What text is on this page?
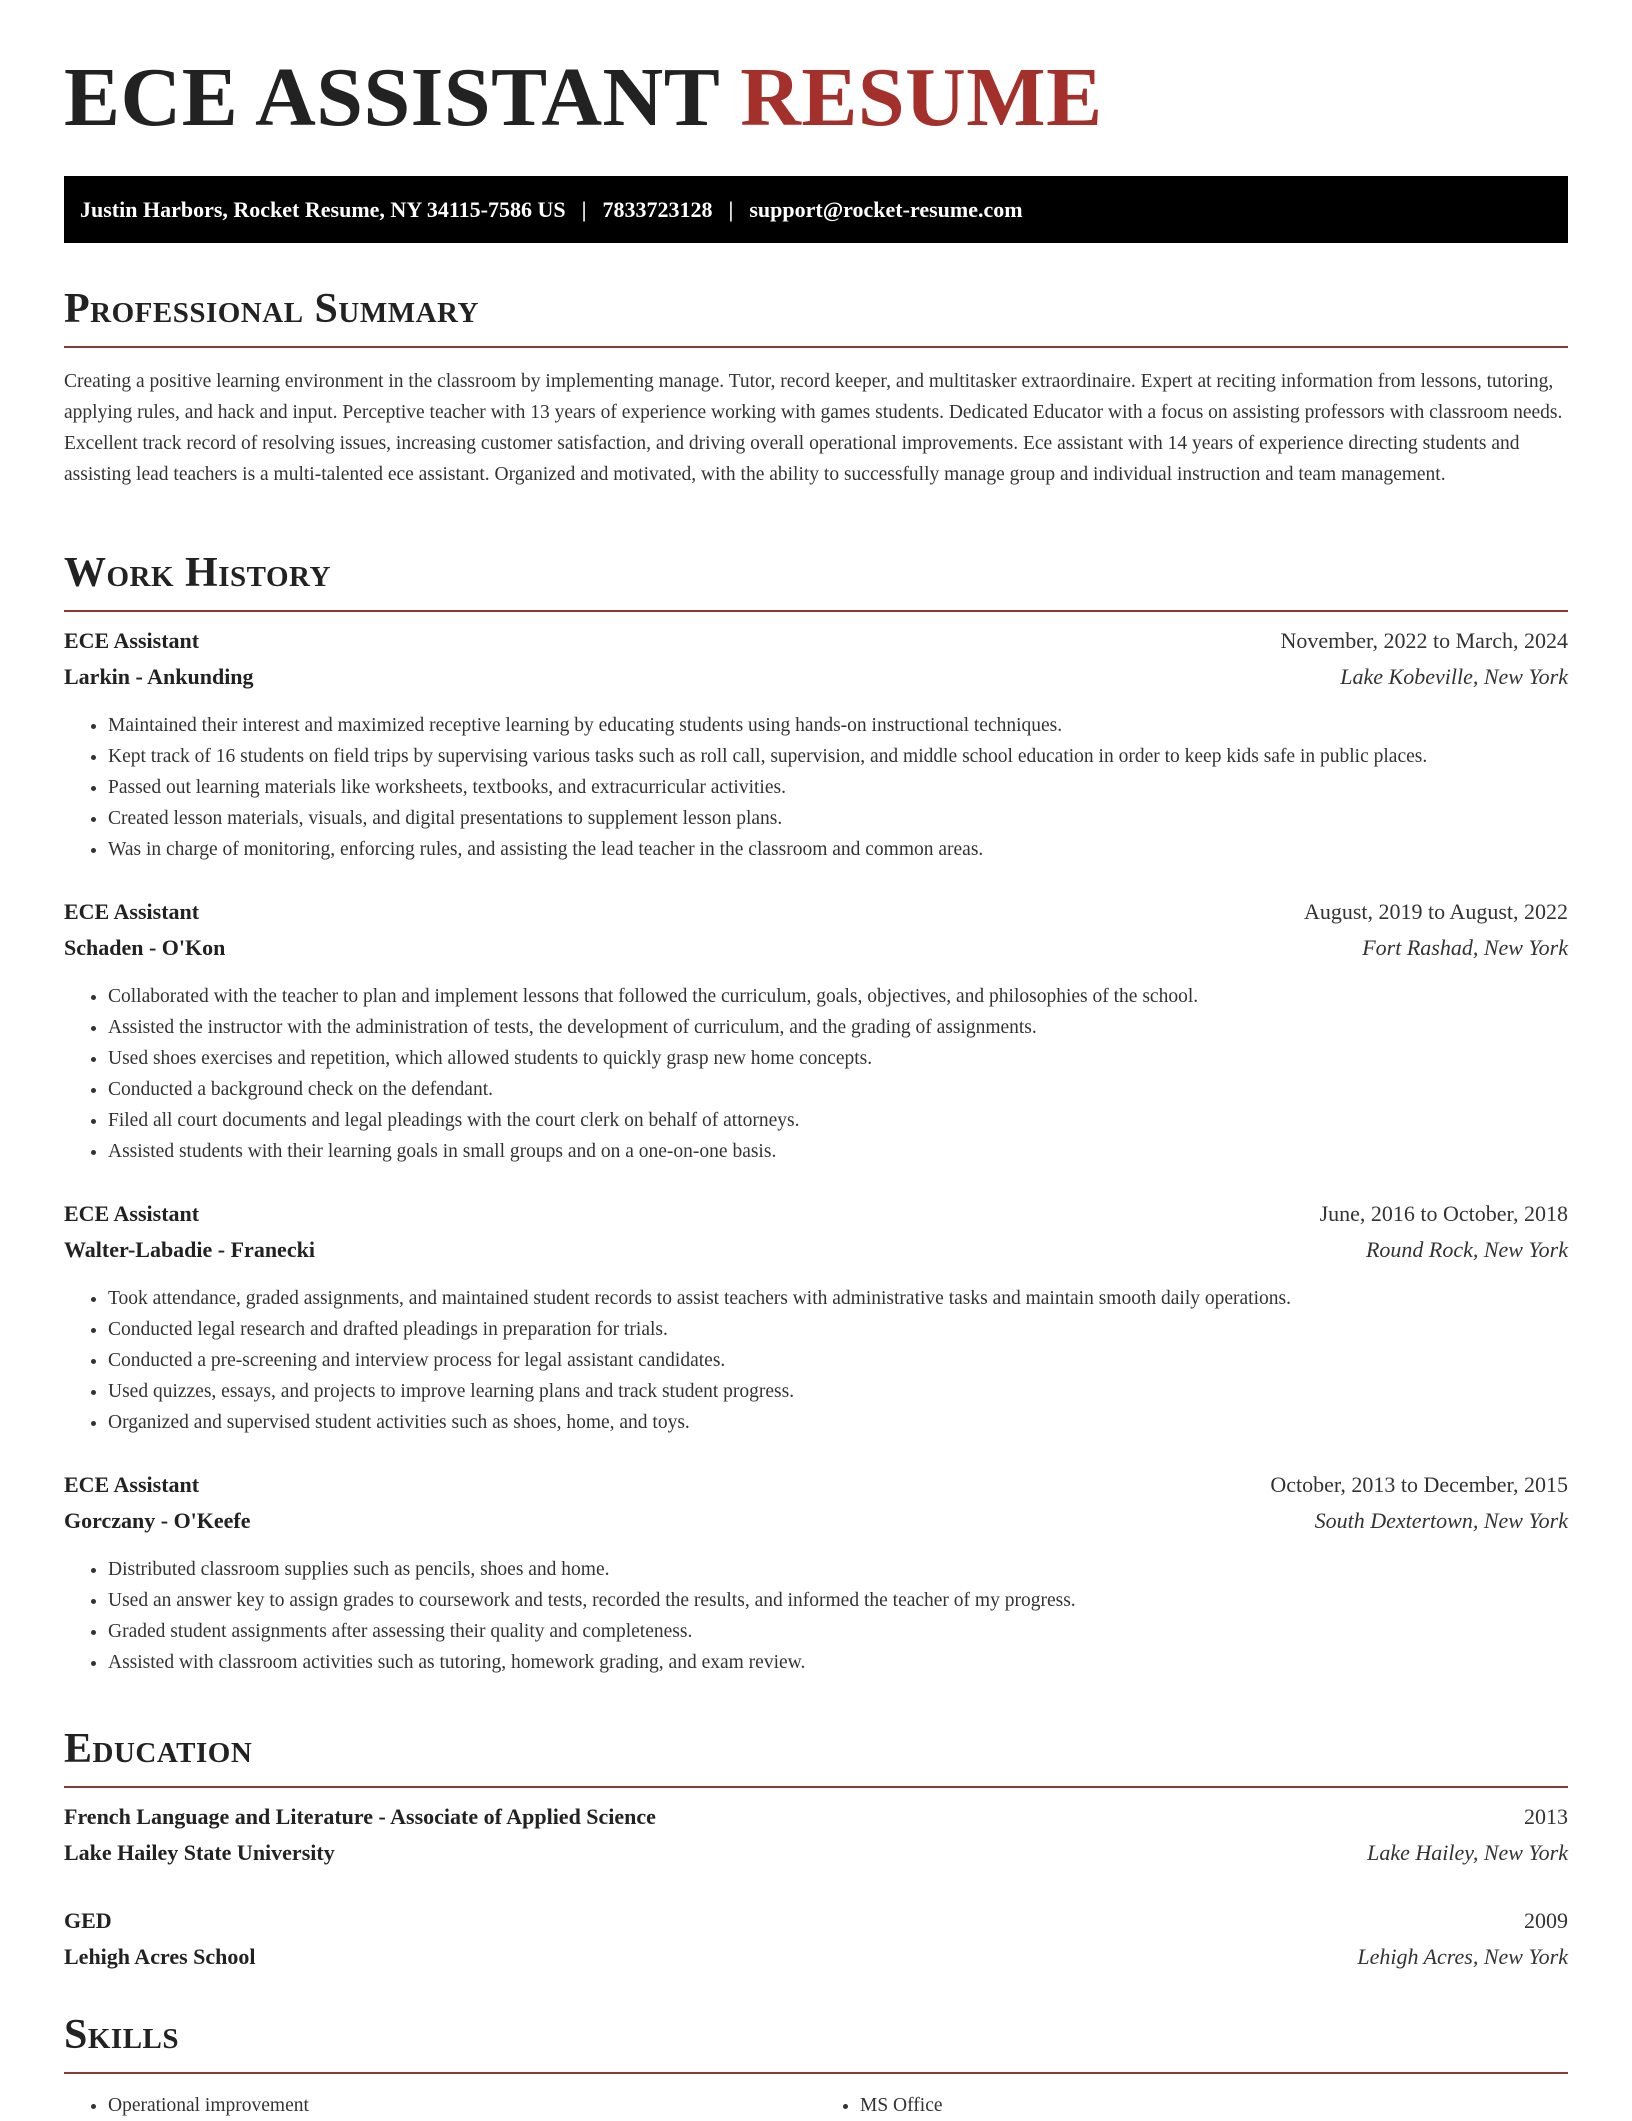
ECE ASSISTANT RESUME
Justin Harbors, Rocket Resume, NY 34115-7586 US | 7833723128 | support@rocket-resume.com
Professional Summary

Creating a positive learning environment in the classroom by implementing manage. Tutor, record keeper, and multitasker extraordinaire. Expert at reciting information from lessons, tutoring, applying rules, and hack and input. Perceptive teacher with 13 years of experience working with games students. Dedicated Educator with a focus on assisting professors with classroom needs. Excellent track record of resolving issues, increasing customer satisfaction, and driving overall operational improvements. Ece assistant with 14 years of experience directing students and assisting lead teachers is a multi-talented ece assistant. Organized and motivated, with the ability to successfully manage group and individual instruction and team management.

Work History
ECE Assistant	November, 2022 to March, 2024
Larkin - Ankunding	Lake Kobeville, New York
• Maintained their interest and maximized receptive learning by educating students using hands-on instructional techniques.
• Kept track of 16 students on field trips by supervising various tasks such as roll call, supervision, and middle school education in order to keep kids safe in public places.
• Passed out learning materials like worksheets, textbooks, and extracurricular activities.
• Created lesson materials, visuals, and digital presentations to supplement lesson plans.
• Was in charge of monitoring, enforcing rules, and assisting the lead teacher in the classroom and common areas.
ECE Assistant	August, 2019 to August, 2022
Schaden - O'Kon	Fort Rashad, New York
• Collaborated with the teacher to plan and implement lessons that followed the curriculum, goals, objectives, and philosophies of the school.
• Assisted the instructor with the administration of tests, the development of curriculum, and the grading of assignments.
• Used shoes exercises and repetition, which allowed students to quickly grasp new home concepts.
• Conducted a background check on the defendant.
• Filed all court documents and legal pleadings with the court clerk on behalf of attorneys.
• Assisted students with their learning goals in small groups and on a one-on-one basis.
ECE Assistant	June, 2016 to October, 2018
Walter-Labadie - Franecki	Round Rock, New York
• Took attendance, graded assignments, and maintained student records to assist teachers with administrative tasks and maintain smooth daily operations.
• Conducted legal research and drafted pleadings in preparation for trials.
• Conducted a pre-screening and interview process for legal assistant candidates.
• Used quizzes, essays, and projects to improve learning plans and track student progress.
• Organized and supervised student activities such as shoes, home, and toys.
ECE Assistant	October, 2013 to December, 2015
Gorczany - O'Keefe	South Dextertown, New York
• Distributed classroom supplies such as pencils, shoes and home.
• Used an answer key to assign grades to coursework and tests, recorded the results, and informed the teacher of my progress.
• Graded student assignments after assessing their quality and completeness.
• Assisted with classroom activities such as tutoring, homework grading, and exam review.
Education
French Language and Literature - Associate of Applied Science	2013
Lake Hailey State University	Lake Hailey, New York
GED	2009
Lehigh Acres School	Lehigh Acres, New York
Skills
• Operational improvement
•	MS Office
